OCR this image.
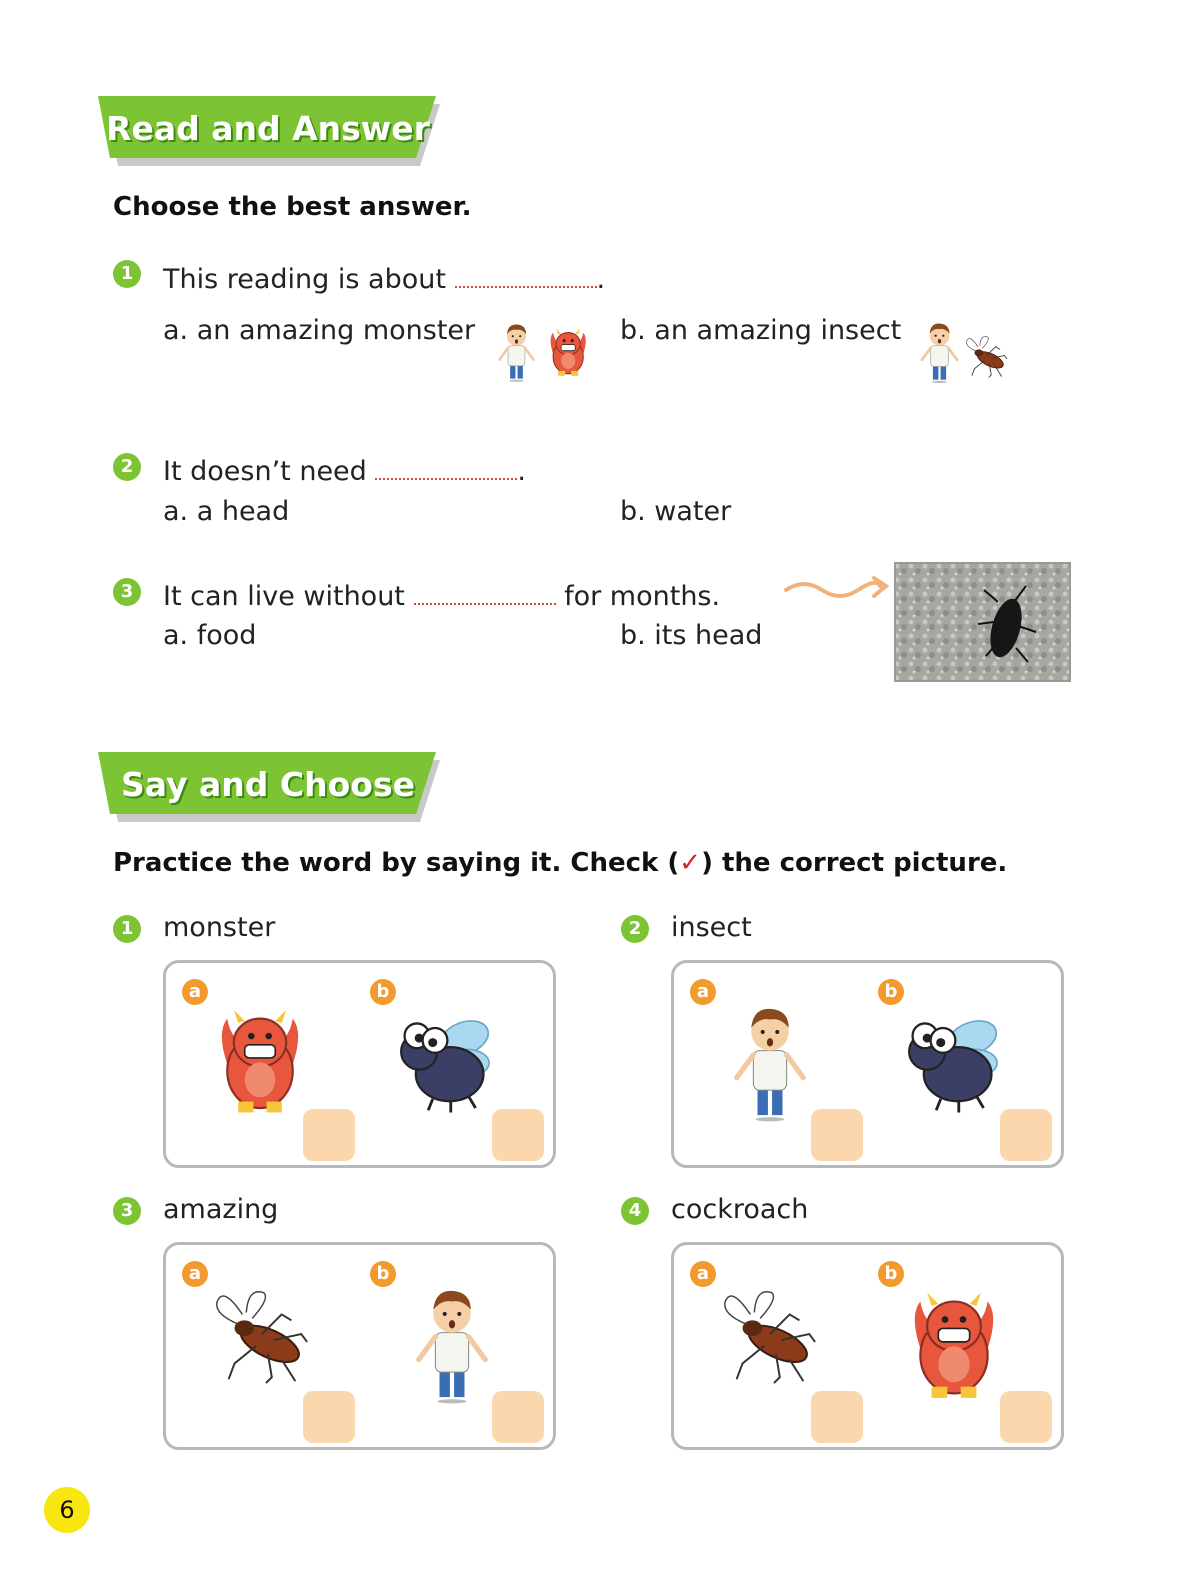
Read and Answer
Choose the best answer.
1 This reading is about	.
a. an amazing monster	b. an amazing insect
2 It doesn’t need	.
a. a head	b. water
3 It can live without	for months.
a. food	b. its head
Say and Choose
Practice the word by saying it. Check (✓) the correct picture.
1 monster
a	b
2 insect
a	b
3 amazing
a	b
4 cockroach
a	b
6
